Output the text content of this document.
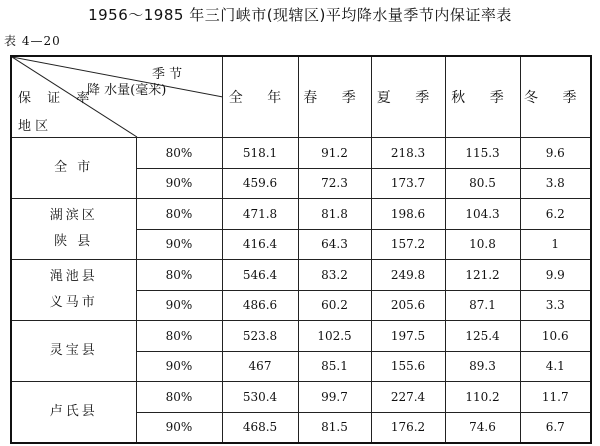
1956～1985 年三门峡市(现辖区)平均降水量季节内保证率表
表 4—20
季 节
降 水量(毫米)
保 证 率
地 区		全 年	春 季	夏 季	秋 季	冬 季

全 市	80%	518.1	91.2	218.3	115.3	9.6
	90%	459.6	72.3	173.7	80.5	3.8

湖滨区
陕 县	80%	471.8	81.8	198.6	104.3	6.2
	90%	416.4	64.3	157.2	10.8	1

渑池县
义马市	80%	546.4	83.2	249.8	121.2	9.9
	90%	486.6	60.2	205.6	87.1	3.3

灵宝县	80%	523.8	102.5	197.5	125.4	10.6
	90%	467	85.1	155.6	89.3	4.1

卢氏县	80%	530.4	99.7	227.4	110.2	11.7
	90%	468.5	81.5	176.2	74.6	6.7
